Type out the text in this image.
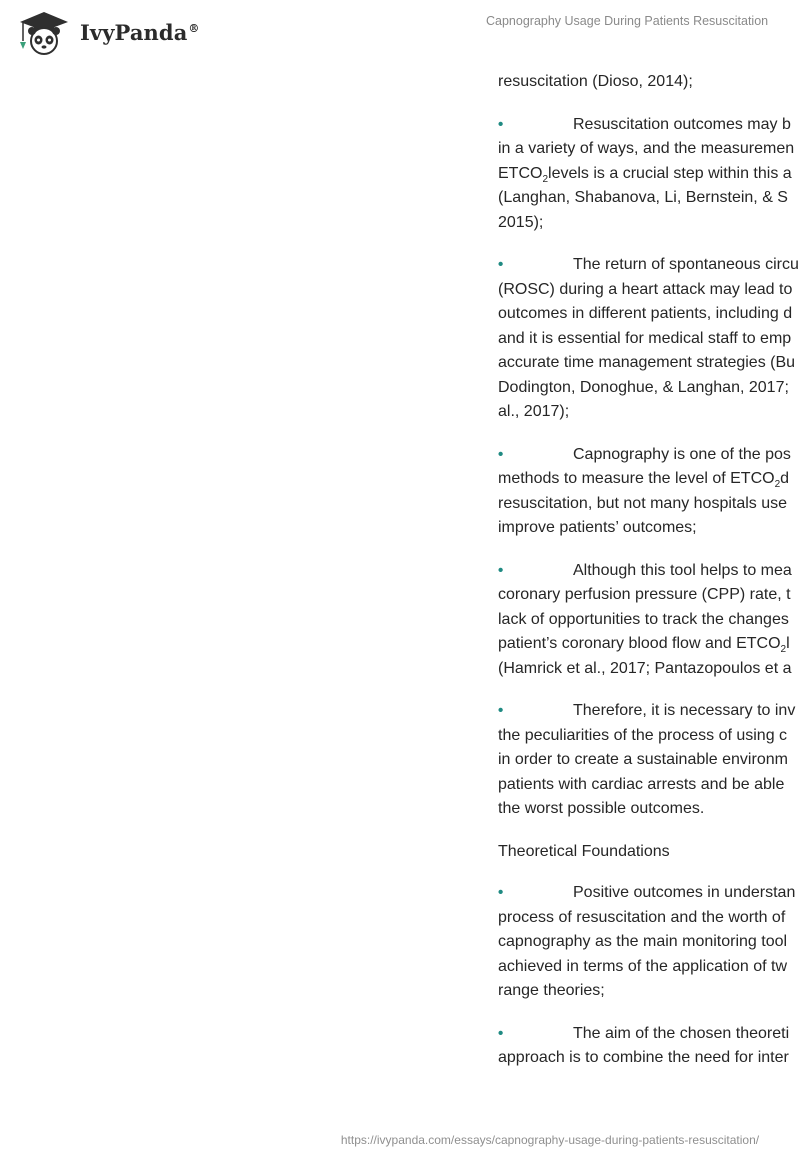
IvyPanda®	Capnography Usage During Patients Resuscitation

resuscitation (Dioso, 2014);

•	Resuscitation outcomes may b
in a variety of ways, and the measuremen
$ETCO_2levels$ is a crucial step within this a
(Langhan, Shabanova, Li, Bernstein, & S
2015);
•	The return of spontaneous circu
(ROSC) during a heart attack may lead to
outcomes in different patients, including d
and it is essential for medical staff to emp
accurate time management strategies (Bu
Dodington, Donoghue, & Langhan, 2017;
al., 2017);
•	Capnography is one of the pos
methods to measure the level of $ETCO_2d$
resuscitation, but not many hospitals use
improve patients’ outcomes;
•	Although this tool helps to mea
coronary perfusion pressure (CPP) rate, t
lack of opportunities to track the changes
patient’s coronary blood flow and $ETCO_2l$
(Hamrick et al., 2017; Pantazopoulos et a
•	Therefore, it is necessary to inv
the peculiarities of the process of using c
in order to create a sustainable environm
patients with cardiac arrests and be able
the worst possible outcomes.

Theoretical Foundations

•	Positive outcomes in understan
process of resuscitation and the worth of
capnography as the main monitoring tool
achieved in terms of the application of tw
range theories;
•	The aim of the chosen theoreti
approach is to combine the need for inter
https://ivypanda.com/essays/capnography-usage-during-patients-resuscitation/
